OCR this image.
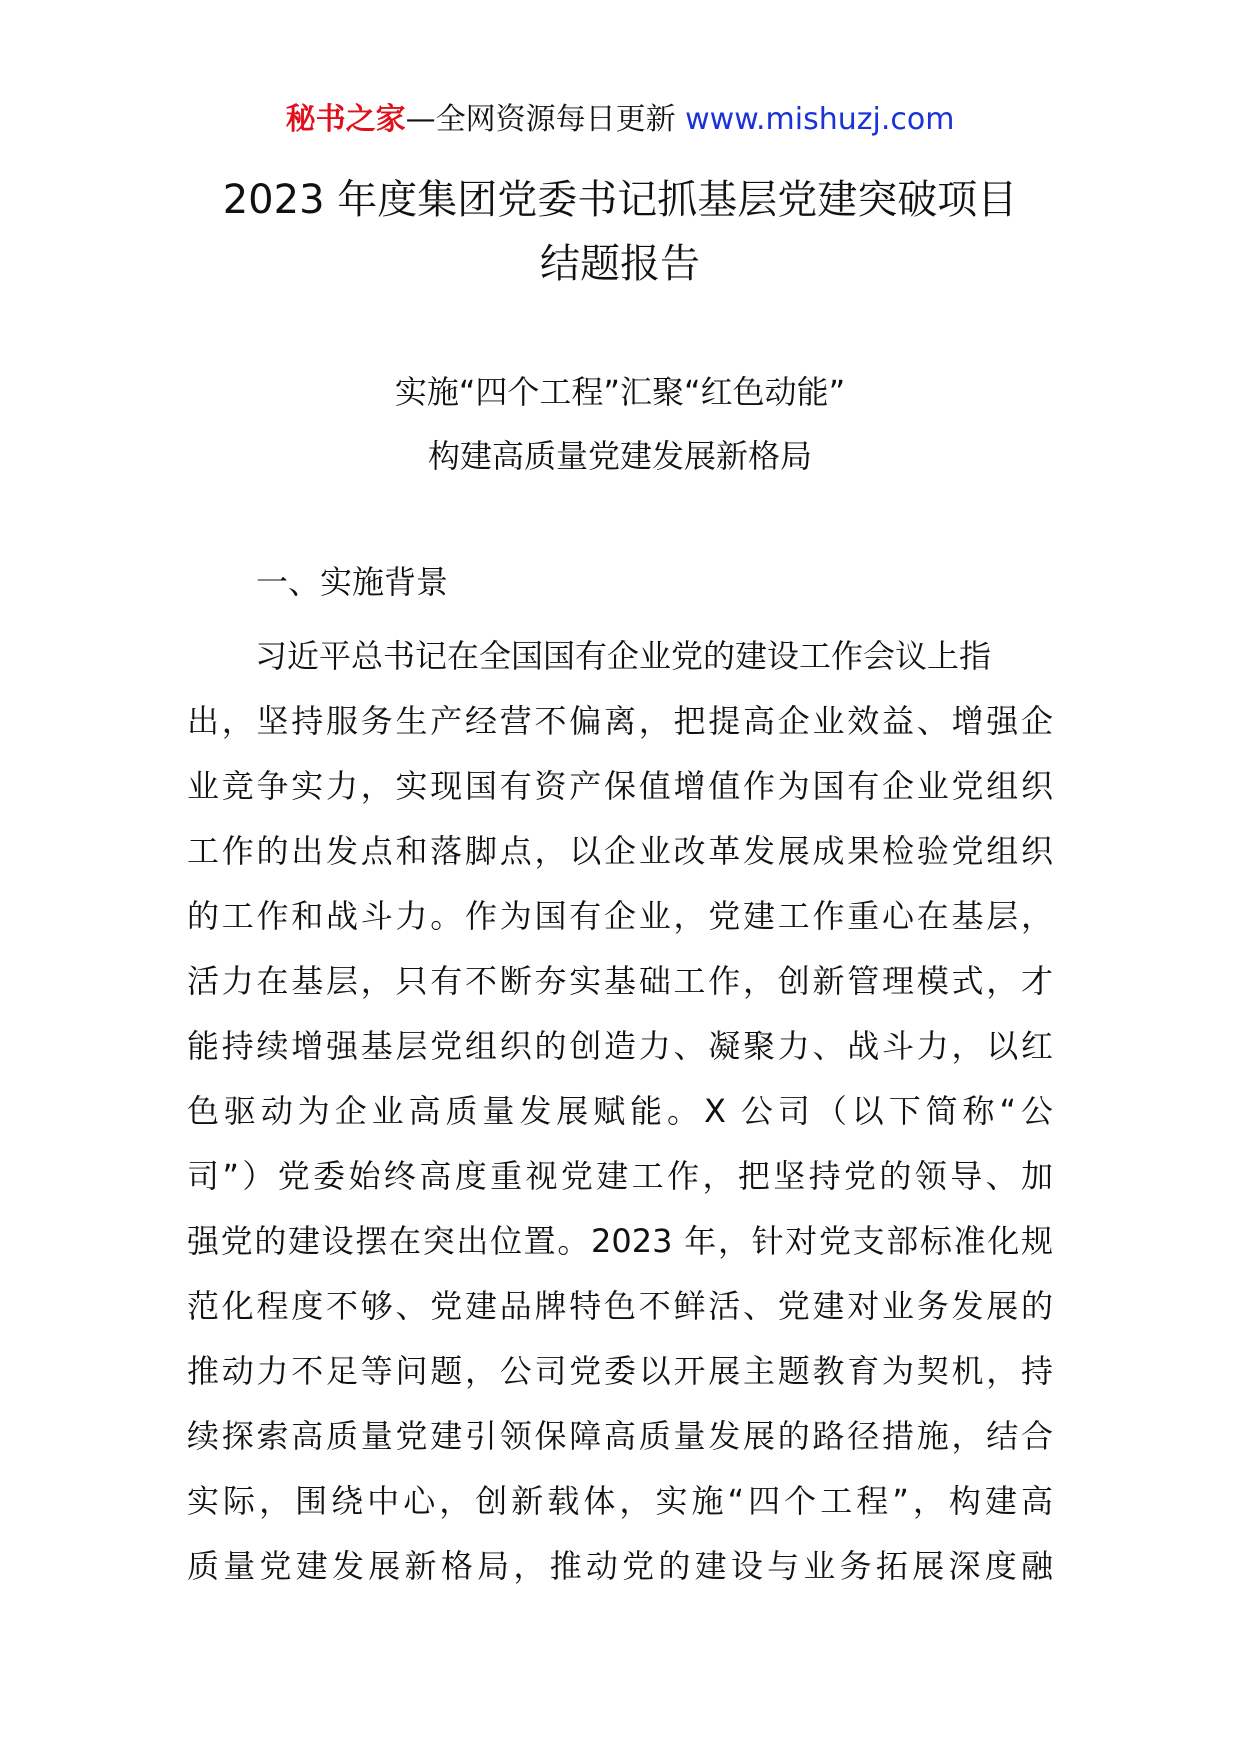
秘书之家—全网资源每日更新 www.mishuzj.com
2023 年度集团党委书记抓基层党建突破项目
结题报告
实施“四个工程”汇聚“红色动能”
构建高质量党建发展新格局
一、实施背景
习近平总书记在全国国有企业党的建设工作会议上指
出，坚持服务生产经营不偏离，把提高企业效益、增强企
业竞争实力，实现国有资产保值增值作为国有企业党组织
工作的出发点和落脚点，以企业改革发展成果检验党组织
的工作和战斗力。作为国有企业，党建工作重心在基层，
活力在基层，只有不断夯实基础工作，创新管理模式，才
能持续增强基层党组织的创造力、凝聚力、战斗力，以红
色驱动为企业高质量发展赋能。X 公司（以下简称“公
司”）党委始终高度重视党建工作，把坚持党的领导、加
强党的建设摆在突出位置。2023 年，针对党支部标准化规
范化程度不够、党建品牌特色不鲜活、党建对业务发展的
推动力不足等问题，公司党委以开展主题教育为契机，持
续探索高质量党建引领保障高质量发展的路径措施，结合
实际，围绕中心，创新载体，实施“四个工程”，构建高
质量党建发展新格局，推动党的建设与业务拓展深度融
